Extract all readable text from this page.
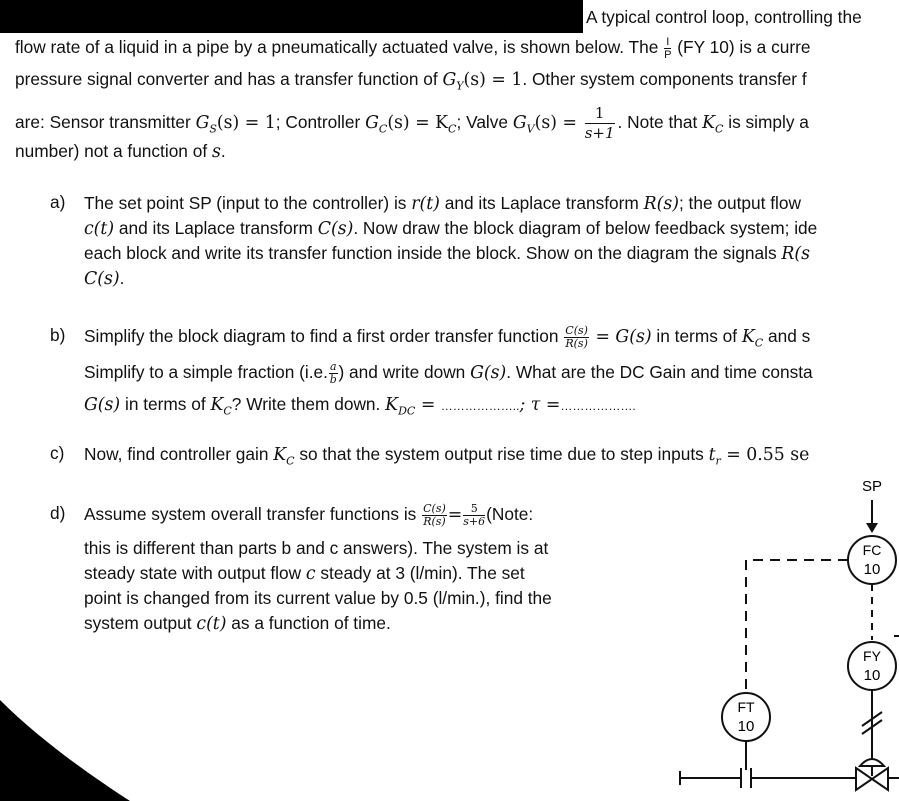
A typical control loop, controlling the
flow rate of a liquid in a pipe by a pneumatically actuated valve, is shown below. The $\frac{I}{P} (FY$ 10) is a curre
pressure signal converter and has a transfer function of $G_Y(s) = 1$. Other system components transfer f
are: Sensor transmitter $G_S(s) = 1$; Controller $G_C(s) = K_C$; Valve $G_V(s) = \frac{1}{s+1}$ . Note that $K_C$ is simply a
number) not a function of s.
a) The set point SP (input to the controller) is r(t) and its Laplace transform R(s); the output flow
c(t) and its Laplace transform C(s). Now draw the block diagram of below feedback system; ide
each block and write its transfer function inside the block. Show on the diagram the signals R(s
C(s).
b) Simplify the block diagram to find a first order transfer function $\frac{C(s)}{R(s)} = G(s)$ in terms of $K_C$ and s
Simplify to a simple fraction (i.e. $\frac{a}{b}$ ) and write down G(s). What are the DC Gain and time consta
G(s) in terms of $K_C$? Write them down. $K_{DC}$ = ………………..; τ =……………….
c) Now, find controller gain $K_C$ so that the system output rise time due to step inputs $t_r = 0.55$ se
d) Assume system overall transfer functions is $\frac{C(s)}{R(s)} = \frac{5}{s+6}$ (Note:
this is different than parts b and c answers). The system is at
steady state with output flow c steady at 3 (l/min). The set
point is changed from its current value by 0.5 (l/min.), find the
system output c(t) as a function of time.
SP
FC
10
FY
10
FT
10
